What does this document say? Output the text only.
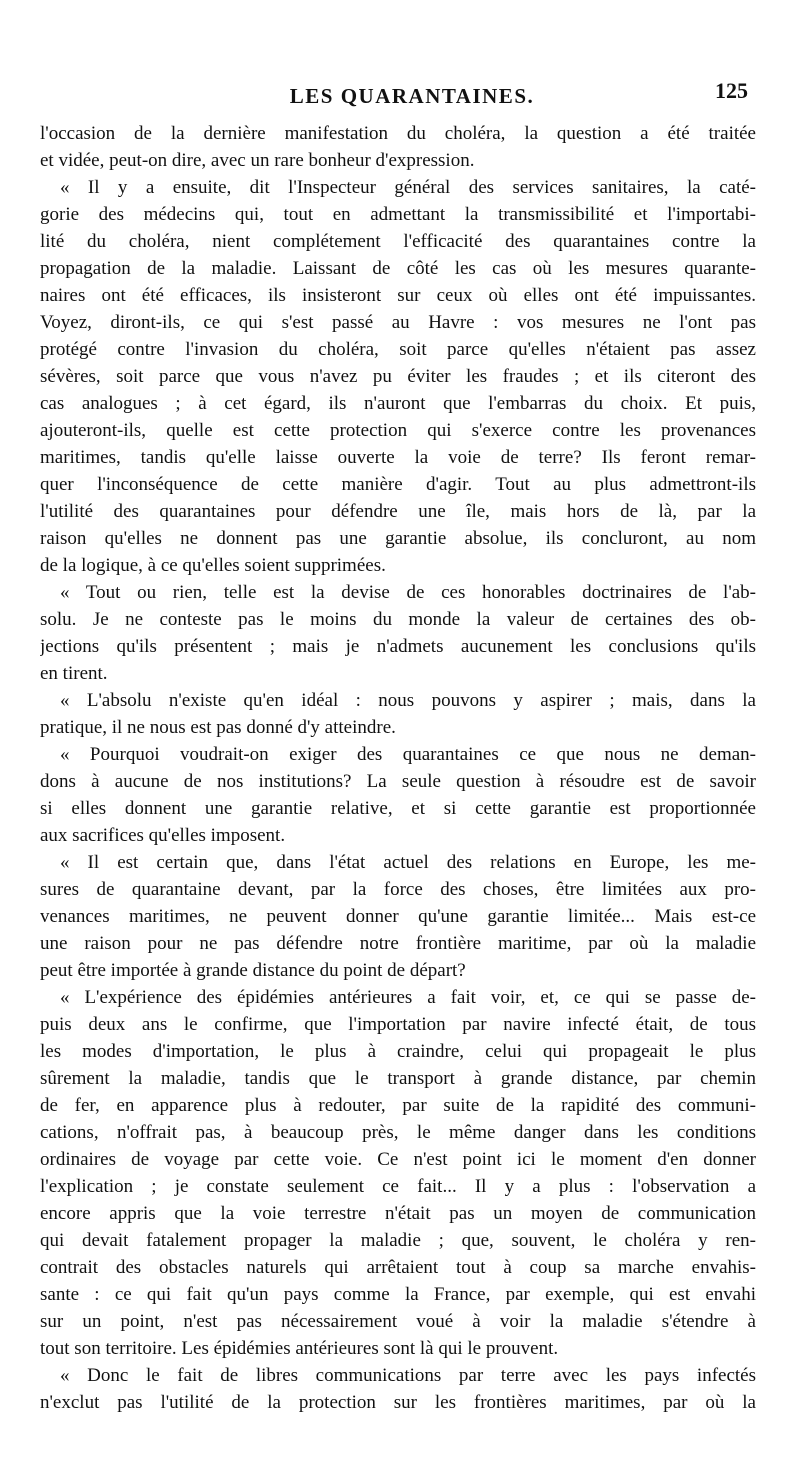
LES QUARANTAINES.	125
l'occasion de la dernière manifestation du choléra, la question a été traitée
et vidée, peut-on dire, avec un rare bonheur d'expression.
« Il y a ensuite, dit l'Inspecteur général des services sanitaires, la caté-
gorie des médecins qui, tout en admettant la transmissibilité et l'importabi-
lité du choléra, nient complétement l'efficacité des quarantaines contre la
propagation de la maladie. Laissant de côté les cas où les mesures quarante-
naires ont été efficaces, ils insisteront sur ceux où elles ont été impuissantes.
Voyez, diront-ils, ce qui s'est passé au Havre : vos mesures ne l'ont pas
protégé contre l'invasion du choléra, soit parce qu'elles n'étaient pas assez
sévères, soit parce que vous n'avez pu éviter les fraudes ; et ils citeront des
cas analogues ; à cet égard, ils n'auront que l'embarras du choix. Et puis,
ajouteront-ils, quelle est cette protection qui s'exerce contre les provenances
maritimes, tandis qu'elle laisse ouverte la voie de terre? Ils feront remar-
quer l'inconséquence de cette manière d'agir. Tout au plus admettront-ils
l'utilité des quarantaines pour défendre une île, mais hors de là, par la
raison qu'elles ne donnent pas une garantie absolue, ils concluront, au nom
de la logique, à ce qu'elles soient supprimées.
« Tout ou rien, telle est la devise de ces honorables doctrinaires de l'ab-
solu. Je ne conteste pas le moins du monde la valeur de certaines des ob-
jections qu'ils présentent ; mais je n'admets aucunement les conclusions qu'ils
en tirent.
« L'absolu n'existe qu'en idéal : nous pouvons y aspirer ; mais, dans la
pratique, il ne nous est pas donné d'y atteindre.
« Pourquoi voudrait-on exiger des quarantaines ce que nous ne deman-
dons à aucune de nos institutions? La seule question à résoudre est de savoir
si elles donnent une garantie relative, et si cette garantie est proportionnée
aux sacrifices qu'elles imposent.
« Il est certain que, dans l'état actuel des relations en Europe, les me-
sures de quarantaine devant, par la force des choses, être limitées aux pro-
venances maritimes, ne peuvent donner qu'une garantie limitée... Mais est-ce
une raison pour ne pas défendre notre frontière maritime, par où la maladie
peut être importée à grande distance du point de départ?
« L'expérience des épidémies antérieures a fait voir, et, ce qui se passe de-
puis deux ans le confirme, que l'importation par navire infecté était, de tous
les modes d'importation, le plus à craindre, celui qui propageait le plus
sûrement la maladie, tandis que le transport à grande distance, par chemin
de fer, en apparence plus à redouter, par suite de la rapidité des communi-
cations, n'offrait pas, à beaucoup près, le même danger dans les conditions
ordinaires de voyage par cette voie. Ce n'est point ici le moment d'en donner
l'explication ; je constate seulement ce fait... Il y a plus : l'observation a
encore appris que la voie terrestre n'était pas un moyen de communication
qui devait fatalement propager la maladie ; que, souvent, le choléra y ren-
contrait des obstacles naturels qui arrêtaient tout à coup sa marche envahis-
sante : ce qui fait qu'un pays comme la France, par exemple, qui est envahi
sur un point, n'est pas nécessairement voué à voir la maladie s'étendre à
tout son territoire. Les épidémies antérieures sont là qui le prouvent.
« Donc le fait de libres communications par terre avec les pays infectés
n'exclut pas l'utilité de la protection sur les frontières maritimes, par où la
